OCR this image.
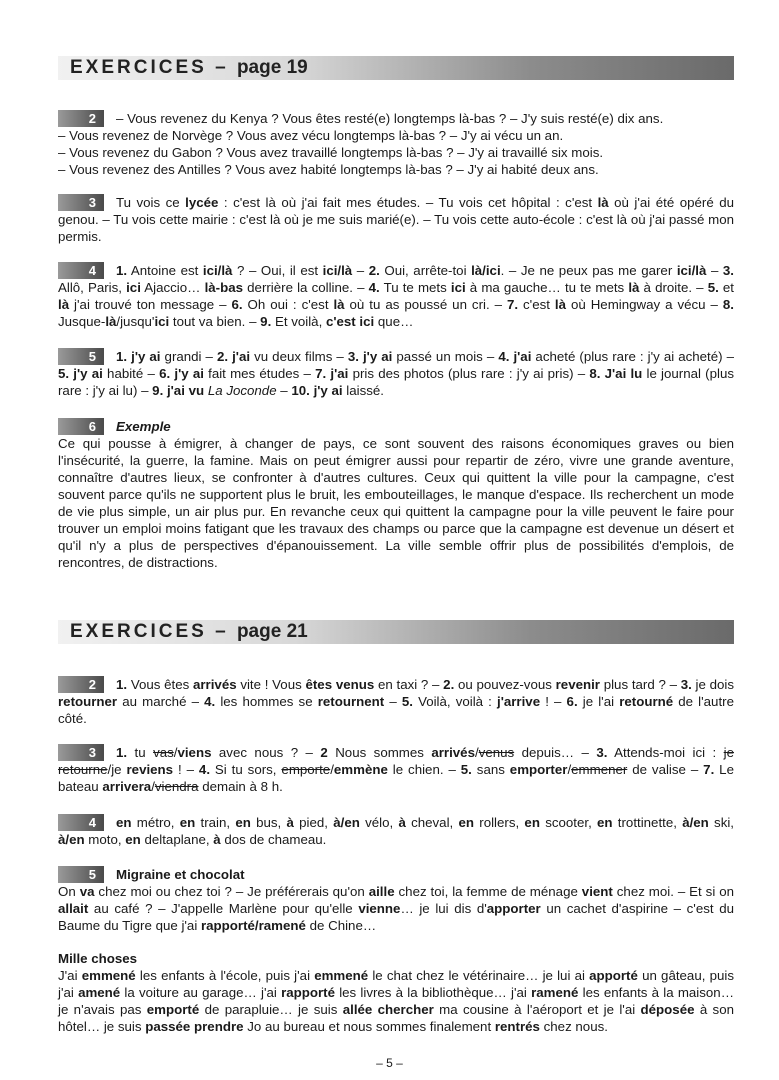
EXERCICES – page 19

2 – Vous revenez du Kenya ? Vous êtes resté(e) longtemps là-bas ? – J'y suis resté(e) dix ans.

– Vous revenez de Norvège ? Vous avez vécu longtemps là-bas ? – J'y ai vécu un an.

– Vous revenez du Gabon ? Vous avez travaillé longtemps là-bas ? – J'y ai travaillé six mois.

– Vous revenez des Antilles ? Vous avez habité longtemps là-bas ? – J'y ai habité deux ans.

3 Tu vois ce lycée : c'est là où j'ai fait mes études. – Tu vois cet hôpital : c'est là où j'ai été opéré du genou. – Tu vois cette mairie : c'est là où je me suis marié(e). – Tu vois cette auto-école : c'est là où j'ai passé mon permis.

4 1. Antoine est ici/là ? – Oui, il est ici/là – 2. Oui, arrête-toi là/ici. – Je ne peux pas me garer ici/là – 3. Allô, Paris, ici Ajaccio… là-bas derrière la colline. – 4. Tu te mets ici à ma gauche… tu te mets là à droite. – 5. et là j'ai trouvé ton message – 6. Oh oui : c'est là où tu as poussé un cri. – 7. c'est là où Hemingway a vécu – 8. Jusque-là/jusqu'ici tout va bien. – 9. Et voilà, c'est ici que…

5 1. j'y ai grandi – 2. j'ai vu deux films – 3. j'y ai passé un mois – 4. j'ai acheté (plus rare : j'y ai acheté) – 5. j'y ai habité – 6. j'y ai fait mes études – 7. j'ai pris des photos (plus rare : j'y ai pris) – 8. J'ai lu le journal (plus rare : j'y ai lu) – 9. j'ai vu La Joconde – 10. j'y ai laissé.

6 Exemple

Ce qui pousse à émigrer, à changer de pays, ce sont souvent des raisons économiques graves ou bien l'insécurité, la guerre, la famine. Mais on peut émigrer aussi pour repartir de zéro, vivre une grande aventure, connaître d'autres lieux, se confronter à d'autres cultures. Ceux qui quittent la ville pour la campagne, c'est souvent parce qu'ils ne supportent plus le bruit, les embouteillages, le manque d'espace. Ils recherchent un mode de vie plus simple, un air plus pur. En revanche ceux qui quittent la campagne pour la ville peuvent le faire pour trouver un emploi moins fatigant que les travaux des champs ou parce que la campagne est devenue un désert et qu'il n'y a plus de perspectives d'épanouissement. La ville semble offrir plus de possibilités d'emplois, de rencontres, de distractions.

EXERCICES – page 21

2 1. Vous êtes arrivés vite ! Vous êtes venus en taxi ? – 2. ou pouvez-vous revenir plus tard ? – 3. je dois retourner au marché – 4. les hommes se retournent – 5. Voilà, voilà : j'arrive ! – 6. je l'ai retourné de l'autre côté.

3 1. tu vas/viens avec nous ? – 2 Nous sommes arrivés/venus depuis… – 3. Attends-moi ici : je retourne/je reviens ! – 4. Si tu sors, emporte/emmène le chien. – 5. sans emporter/emmener de valise – 7. Le bateau arrivera/viendra demain à 8 h.

4 en métro, en train, en bus, à pied, à/en vélo, à cheval, en rollers, en scooter, en trottinette, à/en ski, à/en moto, en deltaplane, à dos de chameau.

5 Migraine et chocolat

On va chez moi ou chez toi ? – Je préférerais qu'on aille chez toi, la femme de ménage vient chez moi. – Et si on allait au café ? – J'appelle Marlène pour qu'elle vienne… je lui dis d'apporter un cachet d'aspirine – c'est du Baume du Tigre que j'ai rapporté/ramené de Chine…

Mille choses

J'ai emmené les enfants à l'école, puis j'ai emmené le chat chez le vétérinaire… je lui ai apporté un gâteau, puis j'ai amené la voiture au garage… j'ai rapporté les livres à la bibliothèque… j'ai ramené les enfants à la maison… je n'avais pas emporté de parapluie… je suis allée chercher ma cousine à l'aéroport et je l'ai déposée à son hôtel… je suis passée prendre Jo au bureau et nous sommes finalement rentrés chez nous.

– 5 –
